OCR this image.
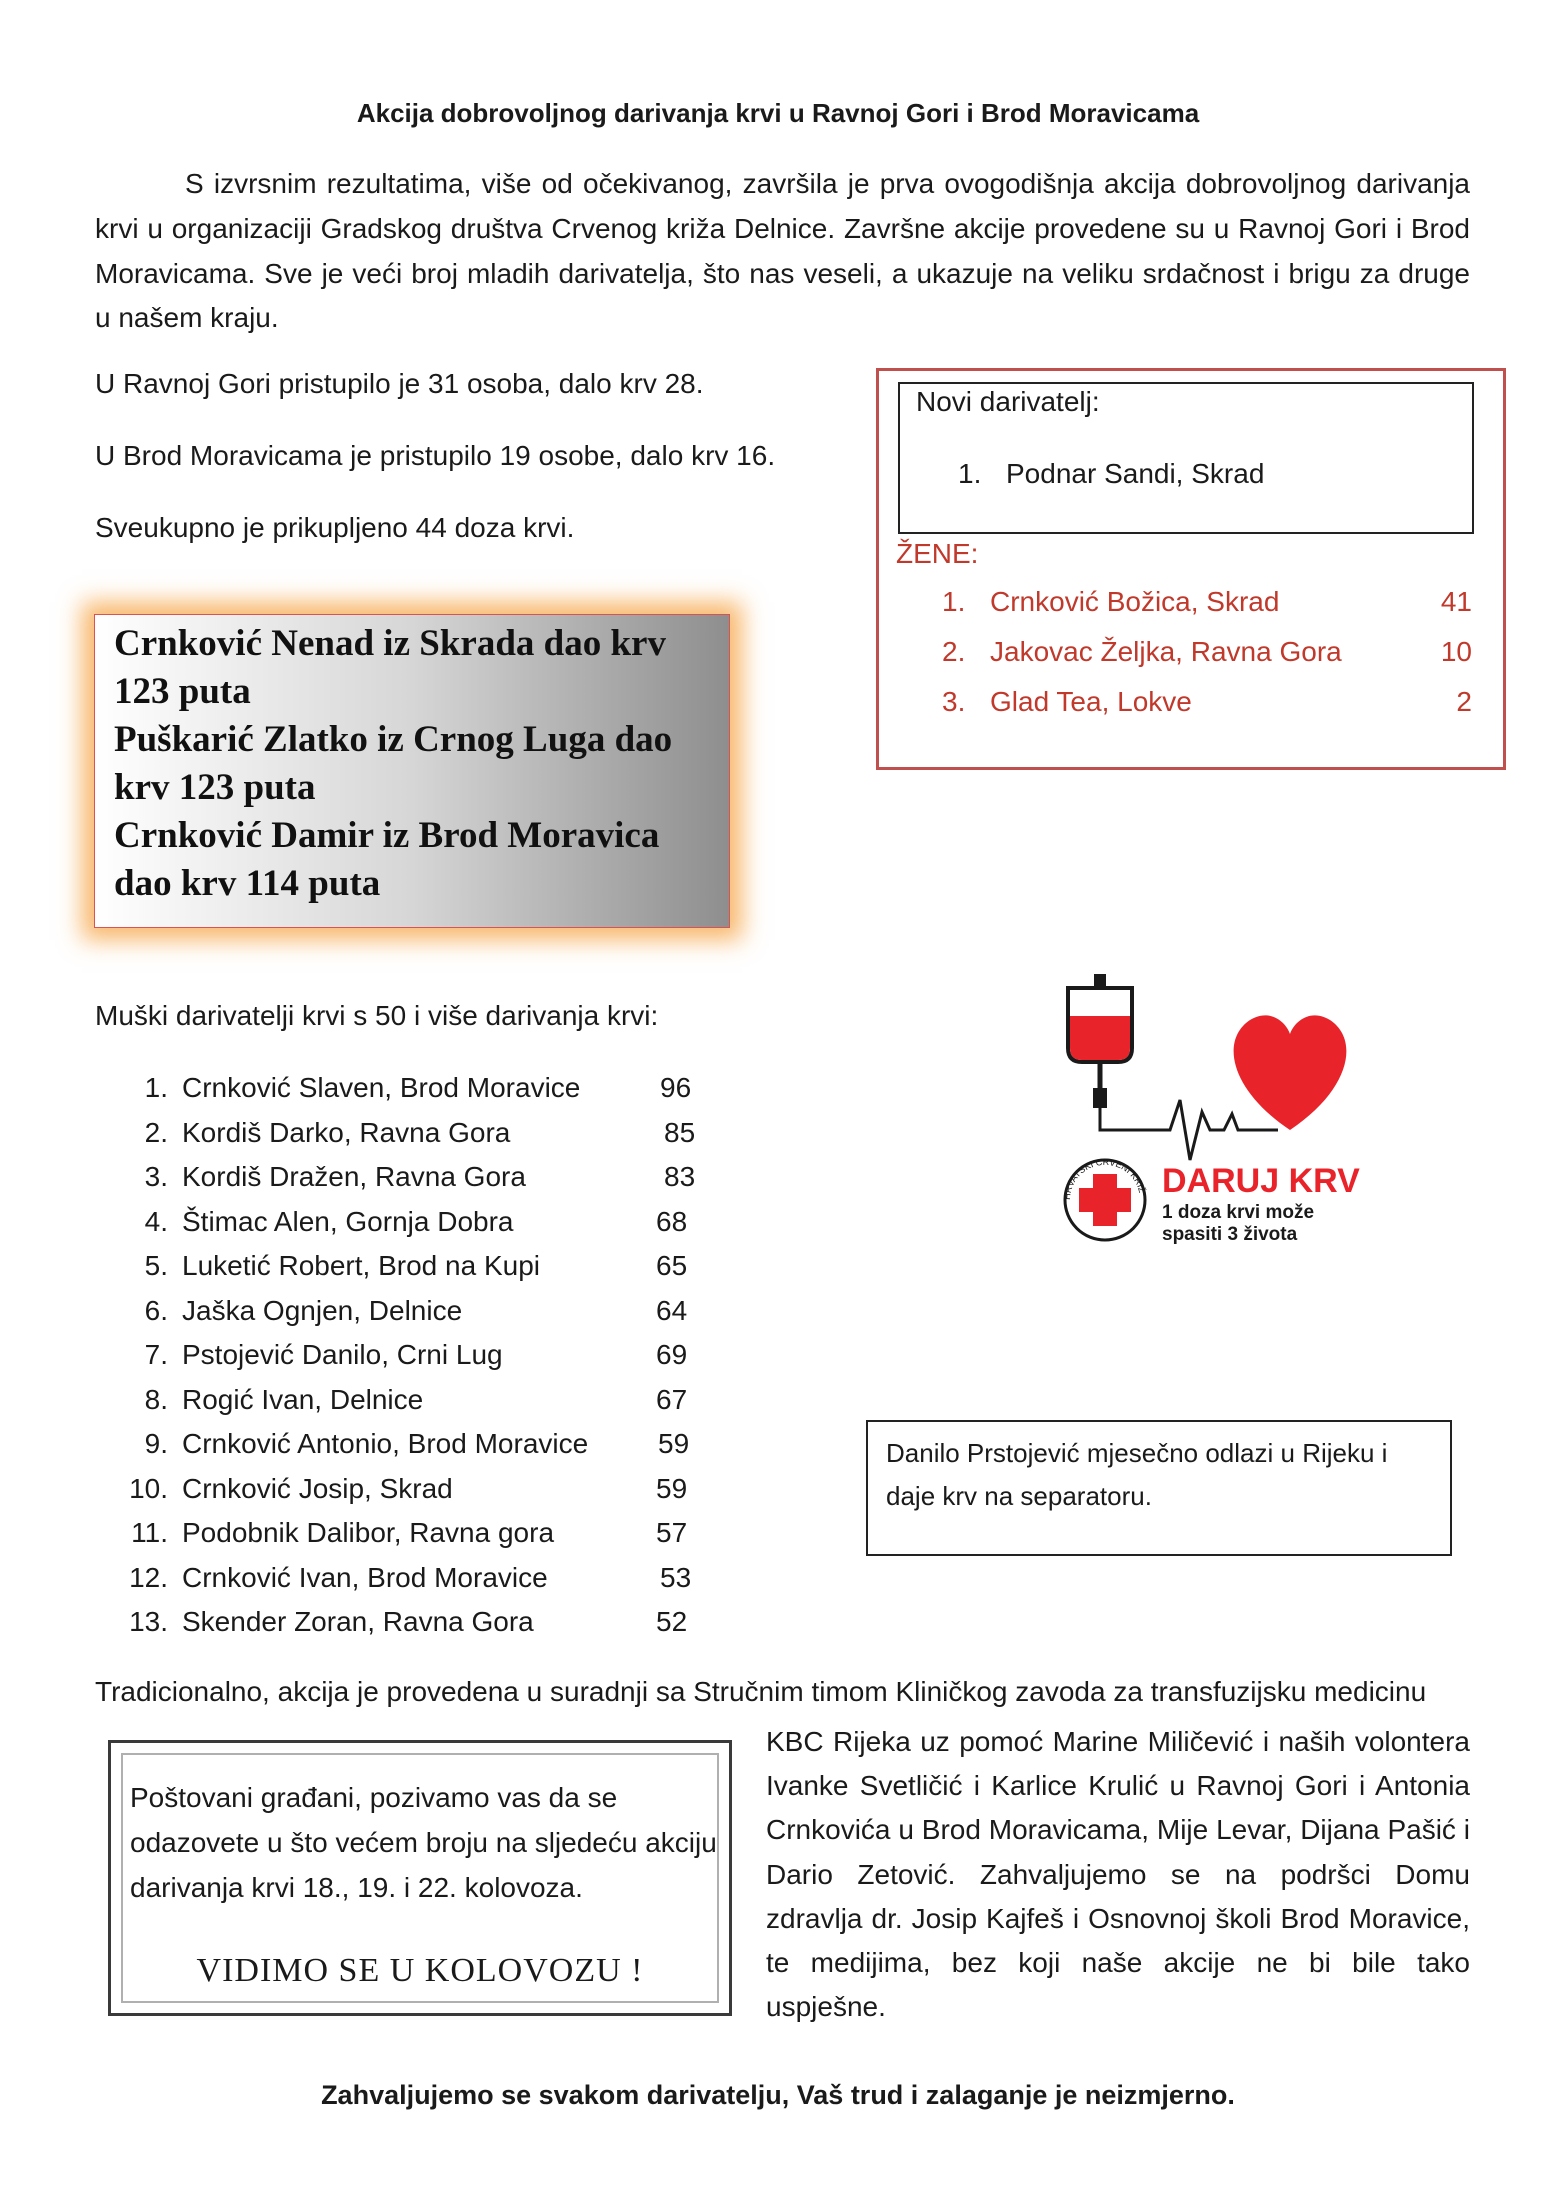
Akcija dobrovoljnog darivanja krvi u Ravnoj Gori i Brod Moravicama
S izvrsnim rezultatima, više od očekivanog, završila je prva ovogodišnja akcija dobrovoljnog darivanja krvi u organizaciji Gradskog društva Crvenog križa Delnice. Završne akcije provedene su u Ravnoj Gori i Brod Moravicama. Sve je veći broj mladih darivatelja, što nas veseli, a ukazuje na veliku srdačnost i brigu za druge u našem kraju.
U Ravnoj Gori pristupilo je 31 osoba, dalo krv 28.
U Brod Moravicama je pristupilo 19 osobe, dalo krv 16.
Sveukupno je prikupljeno 44 doza krvi.
Novi darivatelj:
1. Podnar Sandi, Skrad
ŽENE:
1. Crnković Božica, Skrad	41
2. Jakovac Željka, Ravna Gora	10
3. Glad Tea, Lokve	2
Crnković Nenad iz Skrada dao krv 123 puta
Puškarić Zlatko iz Crnog Luga dao krv 123 puta
Crnković Damir iz Brod Moravica dao krv 114 puta
Muški darivatelji krvi s 50 i više darivanja krvi:
1. Crnković Slaven, Brod Moravice	96
2. Kordiš Darko, Ravna Gora	85
3. Kordiš Dražen, Ravna Gora	83
4. Štimac Alen, Gornja Dobra	68
5. Luketić Robert, Brod na Kupi	65
6. Jaška Ognjen, Delnice	64
7. Pstojević Danilo, Crni Lug	69
8. Rogić Ivan, Delnice	67
9. Crnković Antonio, Brod Moravice 59
10. Crnković Josip, Skrad	59
11. Podobnik Dalibor, Ravna gora	57
12. Crnković Ivan, Brod Moravice	53
13. Skender Zoran, Ravna Gora	52
HRVATSKI CRVENI KRIŽ DARUJ KRV
1 doza krvi može
spasiti 3 života
Danilo Prstojević mjesečno odlazi u Rijeku i daje krv na separatoru.
Tradicionalno, akcija je provedena u suradnji sa Stručnim timom Kliničkog zavoda za transfuzijsku medicinu
KBC Rijeka uz pomoć Marine Miličević i naših volontera Ivanke Svetličić i Karlice Krulić u Ravnoj Gori i Antonia Crnkovića u Brod Moravicama, Mije Levar, Dijana Pašić i Dario Zetović. Zahvaljujemo se na podršci Domu zdravlja dr. Josip Kajfeš i Osnovnoj školi Brod Moravice, te medijima, bez koji naše akcije ne bi bile tako uspješne.
Poštovani građani, pozivamo vas da se odazovete u što većem broju na sljedeću akciju darivanja krvi 18., 19. i 22. kolovoza.
VIDIMO SE U KOLOVOZU !
Zahvaljujemo se svakom darivatelju, Vaš trud i zalaganje je neizmjerno.
